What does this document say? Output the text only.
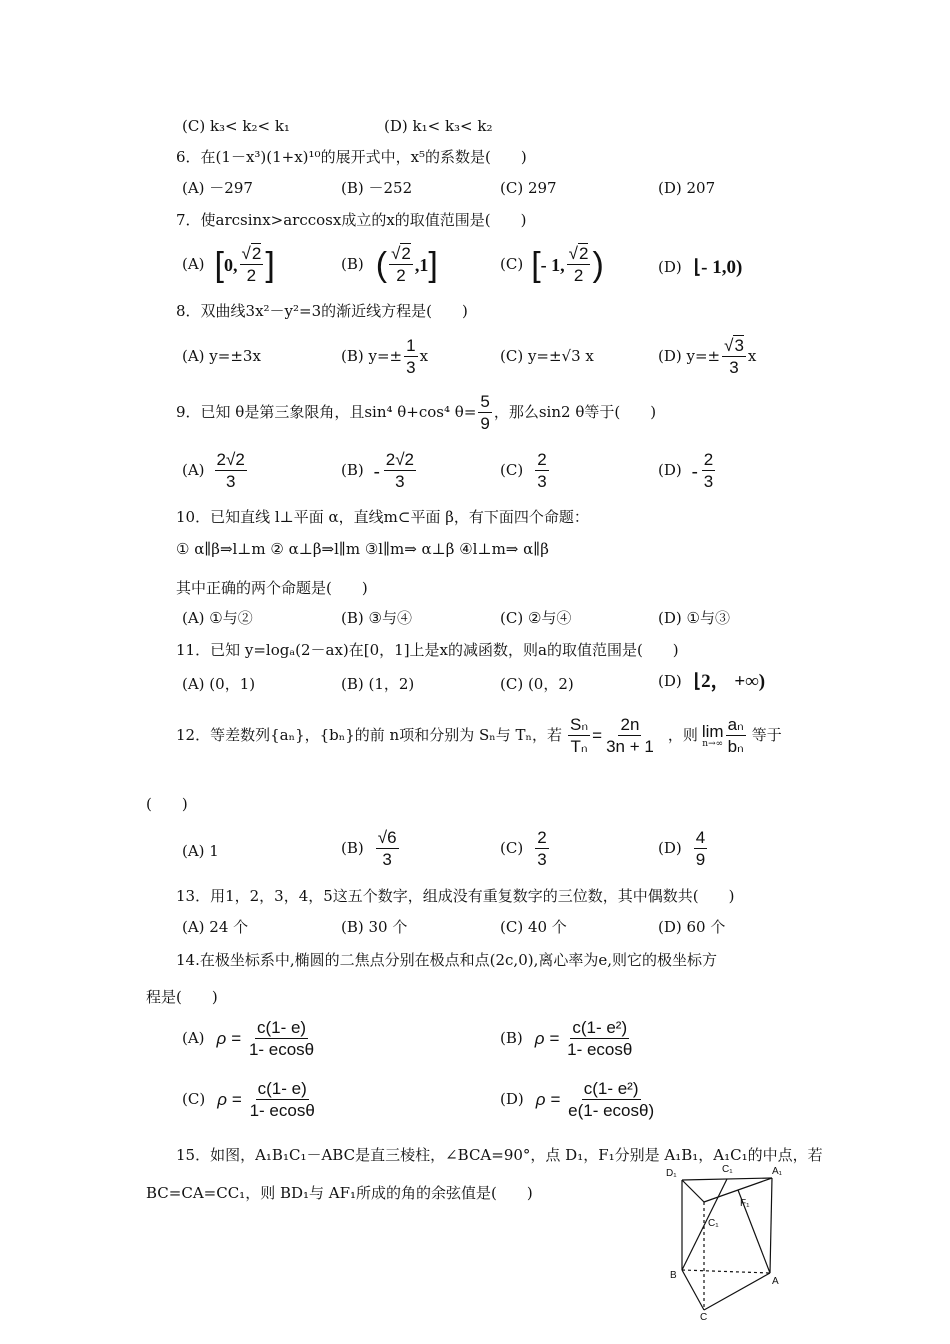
(C) k₃< k₂< k₁	(D) k₁< k₃< k₂
6．在(1－x³)(1+x)¹⁰的展开式中，x⁵的系数是(　　)
(A) －297	(B) －252	(C) 297	(D) 207
7．使arcsinx>arccosx成立的x的取值范围是(　　)
(A) [ 0, $\frac{√2}{2}$ ]	(B) ( $\frac{√2}{2} ,1$ ]	(C) [ - 1, $\frac{√2}{2}$ )	(D) ⌊- 1,0)
8．双曲线3x²－y²=3的渐近线方程是(　　)
(A) y=±3x	(B) $y=\pm \frac{1}{3}$ x	(C) y=±√3 x	(D) $y=\pm \frac{√3}{3}$ x
9．已知 θ是第三象限角，且sin⁴ θ+cos⁴ $\theta= \frac{5}{9}$ ，那么sin2 θ等于(　　)
$(A) \frac{2√2}{3}$	$(B) - \frac{2√2}{3}$	$(C) \frac{2}{3}$	$(D) - \frac{2}{3}$
10．已知直线 l⊥平面 α，直线m⊂平面 β，有下面四个命题：
① α∥β⇒l⊥m ② α⊥β⇒l∥m ③l∥m⇒ α⊥β ④l⊥m⇒ α∥β
其中正确的两个命题是(　　)
(A) ①与②	(B) ③与④	(C) ②与④	(D) ①与③
11．已知 y=logₐ(2－ax)在[0，1]上是x的减函数，则a的取值范围是(　　)
(A) (0，1)	(B) (1，2)	(C) (0，2)	(D) ⌊2， +∞)
12．等差数列{aₙ}，{bₙ}的前 n项和分别为 Sₙ与 Tₙ，若 $\frac{\text{Sₙ}}{\text{Tₙ}} = \frac{2n}{3n + 1}$ ，则 lim
$n\to\infty \frac{\text{aₙ}}{\text{bₙ}}$ 等于
(　　)
(A) 1	$(B) \frac{√6}{3}$	$(C) \frac{2}{3}$	$(D) \frac{4}{9}$
13．用1，2，3，4，5这五个数字，组成没有重复数字的三位数，其中偶数共(　　)
(A) 24 个	(B) 30 个	(C) 40 个	(D) 60 个
14.在极坐标系中,椭圆的二焦点分别在极点和点(2c,0),离心率为e,则它的极坐标方
程是(　　)
(A) $\rho = \frac{c(1- e)}{1- ecos\theta}$	(B) $\rho = \frac{\text{c(1- e²)}}{1- ecos\theta}$
(C) $\rho = \frac{c(1- e)}{1- ecos\theta}$	(D) $\rho = \frac{\text{c(1- e²)}}{e(1- ecos\theta)}$
15．如图，A₁B₁C₁－ABC是直三棱柱，∠BCA=90°，点 D₁，F₁分别是 A₁B₁，A₁C₁的中点，若
BC=CA=CC₁，则 BD₁与 AF₁所成的角的余弦值是(　　)
D₁	C₁	A₁
F₁
C₁
B
A
C
